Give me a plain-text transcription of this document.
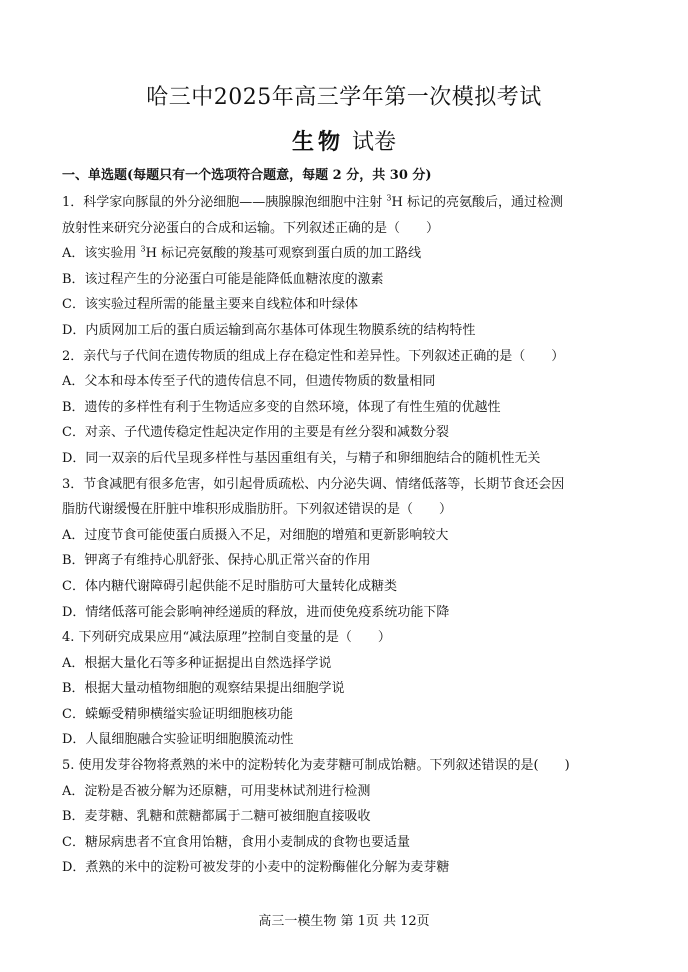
哈三中2025年高三学年第一次模拟考试
生物 试卷
一、单选题(每题只有一个选项符合题意，每题 2 分，共 30 分)
1．科学家向豚鼠的外分泌细胞——胰腺腺泡细胞中注射 $^3$H 标记的亮氨酸后，通过检测
放射性来研究分泌蛋白的合成和运输。下列叙述正确的是（　　）
A．该实验用 $^3$H 标记亮氨酸的羧基可观察到蛋白质的加工路线
B．该过程产生的分泌蛋白可能是能降低血糖浓度的激素
C．该实验过程所需的能量主要来自线粒体和叶绿体
D．内质网加工后的蛋白质运输到高尔基体可体现生物膜系统的结构特性
2．亲代与子代间在遗传物质的组成上存在稳定性和差异性。下列叙述正确的是（　　）
A．父本和母本传至子代的遗传信息不同，但遗传物质的数量相同
B．遗传的多样性有利于生物适应多变的自然环境，体现了有性生殖的优越性
C．对亲、子代遗传稳定性起决定作用的主要是有丝分裂和减数分裂
D．同一双亲的后代呈现多样性与基因重组有关，与精子和卵细胞结合的随机性无关
3．节食减肥有很多危害，如引起骨质疏松、内分泌失调、情绪低落等，长期节食还会因
脂肪代谢缓慢在肝脏中堆积形成脂肪肝。下列叙述错误的是（　　）
A．过度节食可能使蛋白质摄入不足，对细胞的增殖和更新影响较大
B．钾离子有维持心肌舒张、保持心肌正常兴奋的作用
C．体内糖代谢障碍引起供能不足时脂肪可大量转化成糖类
D．情绪低落可能会影响神经递质的释放，进而使免疫系统功能下降
4. 下列研究成果应用“减法原理”控制自变量的是（　　）
A．根据大量化石等多种证据提出自然选择学说
B．根据大量动植物细胞的观察结果提出细胞学说
C．蝾螈受精卵横缢实验证明细胞核功能
D．人鼠细胞融合实验证明细胞膜流动性
5. 使用发芽谷物将煮熟的米中的淀粉转化为麦芽糖可制成饴糖。下列叙述错误的是(　　)
A．淀粉是否被分解为还原糖，可用斐林试剂进行检测
B．麦芽糖、乳糖和蔗糖都属于二糖可被细胞直接吸收
C．糖尿病患者不宜食用饴糖，食用小麦制成的食物也要适量
D．煮熟的米中的淀粉可被发芽的小麦中的淀粉酶催化分解为麦芽糖
高三一模生物 第 1页 共 12页
